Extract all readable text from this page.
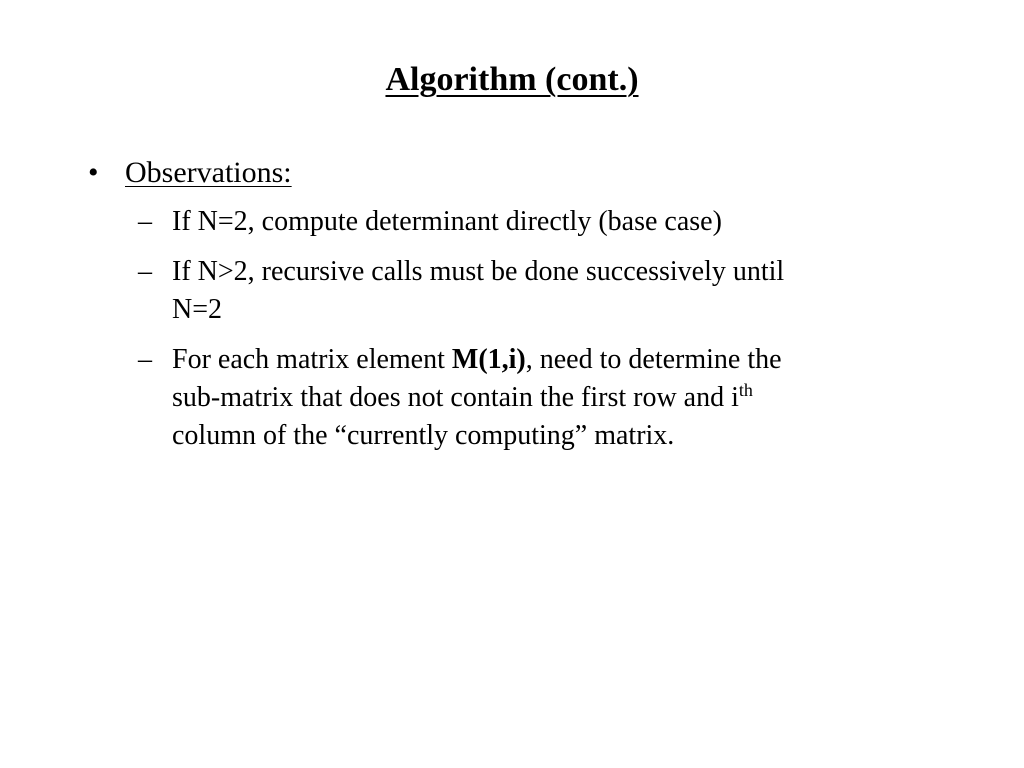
Algorithm (cont.)
• Observations:
– If N=2, compute determinant directly (base case)
– If N>2, recursive calls must be done successively until
N=2
– For each matrix element M(1,i), need to determine the
sub-matrix that does not contain the first row and $i^{th}$
column of the “currently computing” matrix.
